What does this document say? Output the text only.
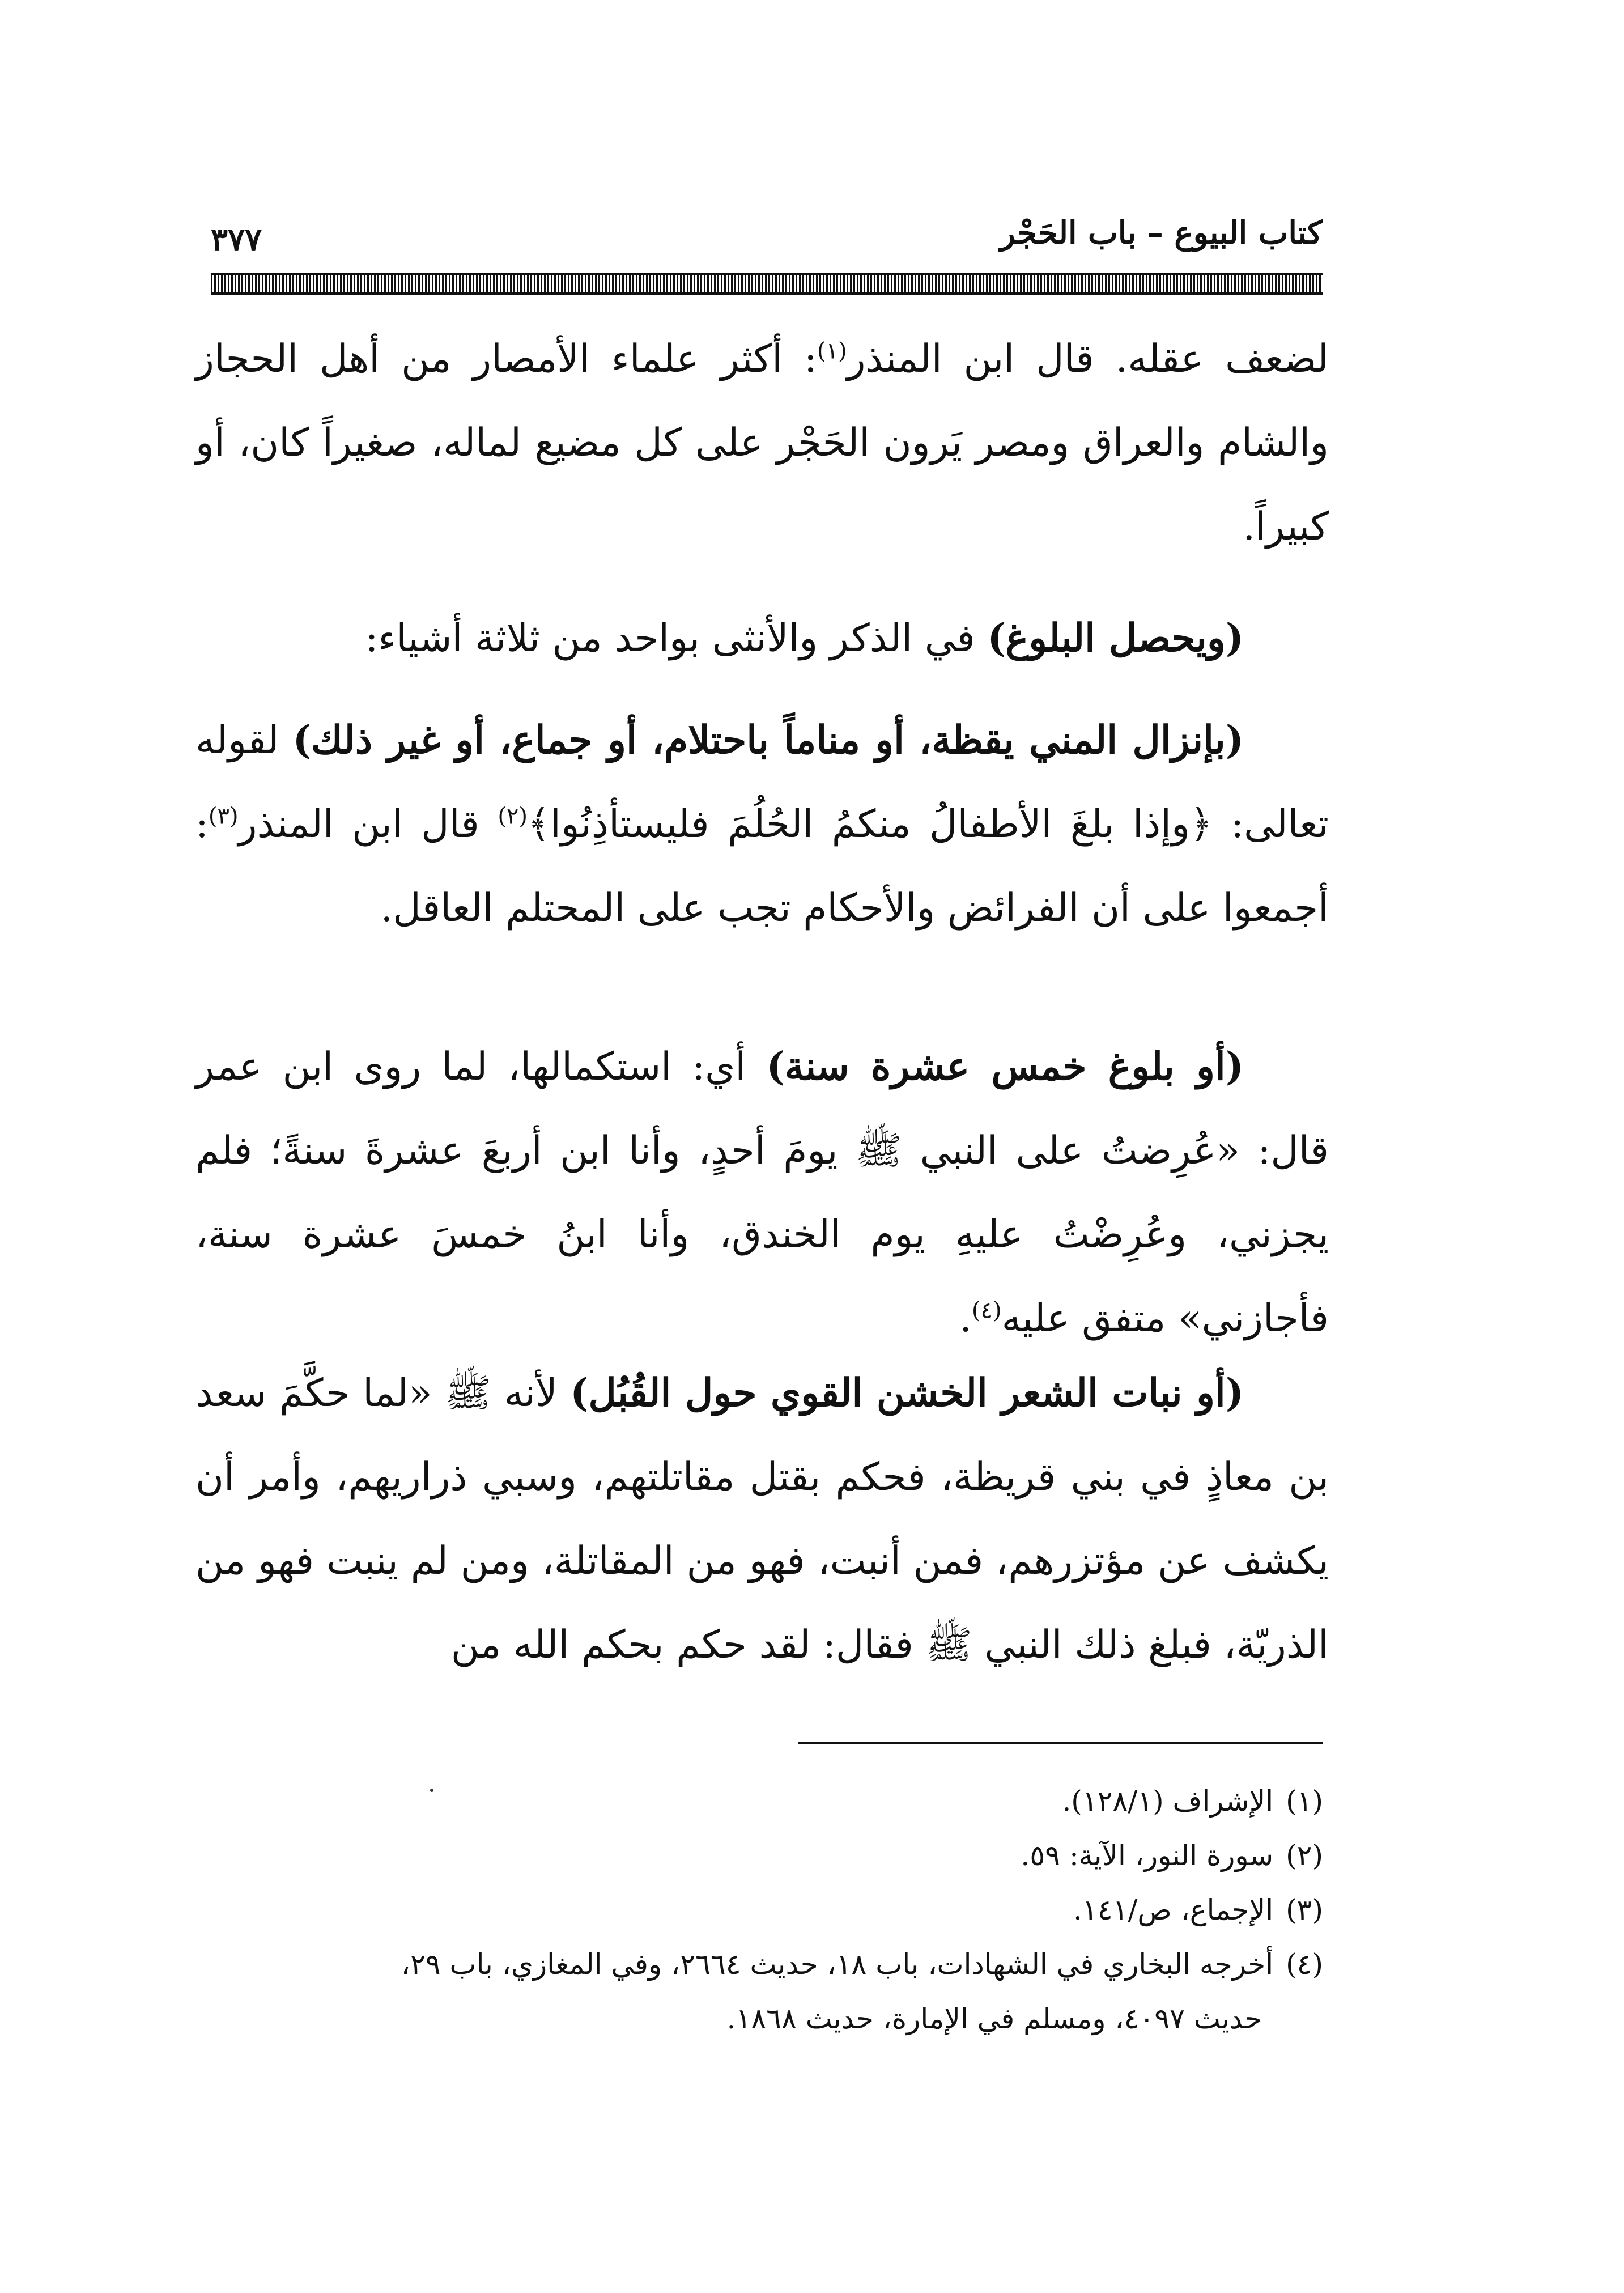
كتاب البيوع – باب الحَجْر
٣٧٧

لضعف عقله. قال ابن المنذر$^{(١)}$: أكثر علماء الأمصار من أهل الحجاز والشام والعراق ومصر يَرون الحَجْر على كل مضيع لماله، صغيراً كان، أو كبيراً.

(ويحصل البلوغ) في الذكر والأنثى بواحد من ثلاثة أشياء:

(بإنزال المني يقظة، أو مناماً باحتلام، أو جماع، أو غير ذلك) لقوله تعالى: ﴿وإذا بلغَ الأطفالُ منكمُ الحُلُمَ فليستأذِنُوا﴾$^{(٢)}$ قال ابن المنذر$^{(٣)}$: أجمعوا على أن الفرائض والأحكام تجب على المحتلم العاقل.

(أو بلوغ خمس عشرة سنة) أي: استكمالها، لما روى ابن عمر قال: «عُرِضتُ على النبي ﷺ يومَ أحدٍ، وأنا ابن أربعَ عشرةَ سنةً؛ فلم يجزني، وعُرِضْتُ عليهِ يوم الخندق، وأنا ابنُ خمسَ عشرة سنة، فأجازني» متفق عليه$^{(٤)}$.

(أو نبات الشعر الخشن القوي حول القُبُل) لأنه ﷺ «لما حكَّمَ سعد بن معاذٍ في بني قريظة، فحكم بقتل مقاتلتهم، وسبي ذراريهم، وأمر أن يكشف عن مؤتزرهم، فمن أنبت، فهو من المقاتلة، ومن لم ينبت فهو من الذريّة، فبلغ ذلك النبي ﷺ فقال: لقد حكم بحكم الله من

(١)الإشراف (١٢٨/١).
(٢)سورة النور، الآية: ٥٩.
(٣)الإجماع، ص/١٤١.
(٤)أخرجه البخاري في الشهادات، باب ١٨، حديث ٢٦٦٤، وفي المغازي، باب ٢٩،
حديث ٤٠٩٧، ومسلم في الإمارة، حديث ١٨٦٨.
